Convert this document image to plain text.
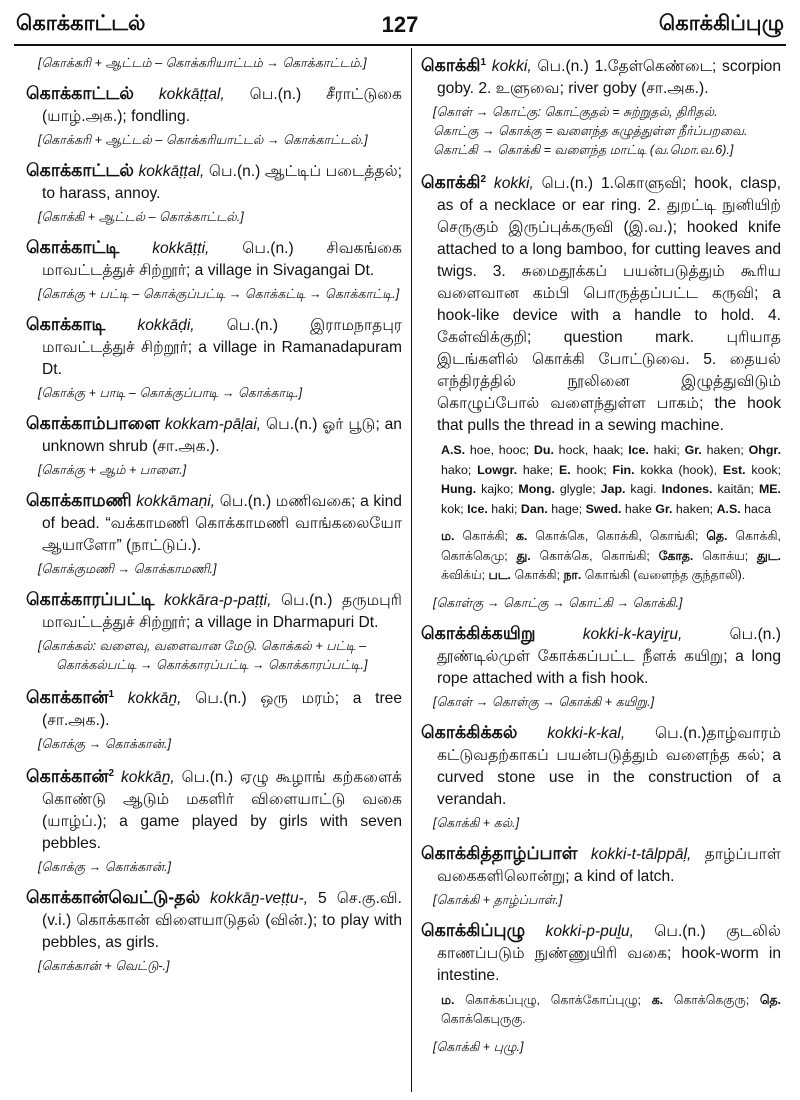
கொக்காட்டல்	127	கொக்கிப்புழு

[கொக்கரி + ஆட்டம் – கொக்கரியாட்டம் → கொக்காட்டம்.]

கொக்காட்டல் kokkāṭṭal, பெ.(n.) சீராட்டுகை (யாழ்.அக.); fondling.

[கொக்கரி + ஆட்டல் – கொக்கரியாட்டல் → கொக்காட்டல்.]

கொக்காட்டல் kokkāṭṭal, பெ.(n.) ஆட்டிப் படைத்தல்; to harass, annoy.

[கொக்கி + ஆட்டல் – கொக்காட்டல்.]

கொக்காட்டி kokkāṭṭi, பெ.(n.) சிவகங்கை மாவட்டத்துச் சிற்றூர்; a village in Sivagangai Dt.

[கொக்கு + பட்டி – கொக்குப்பட்டி → கொக்கட்டி → கொக்காட்டி.]

கொக்காடி kokkāḍi, பெ.(n.) இராமநாதபுர மாவட்டத்துச் சிற்றூர்; a village in Ramanadapuram Dt.

[கொக்கு + பாடி – கொக்குப்பாடி → கொக்காடி.]

கொக்காம்பாளை kokkam-pāḷai, பெ.(n.) ஓர் பூடு; an unknown shrub (சா.அக.).

[கொக்கு + ஆம் + பாளை.]

கொக்காமணி kokkāmaṇi, பெ.(n.) மணிவகை; a kind of bead. “வக்காமணி கொக்காமணி வாங்கலையோ ஆயாளோ” (நாட்டுப்.).

[கொக்குமணி → கொக்காமணி.]

கொக்காரப்பட்டி kokkāra-p-paṭṭi, பெ.(n.) தருமபுரி மாவட்டத்துச் சிற்றூர்; a village in Dharmapuri Dt.

[கொக்கல்: வளைவு, வளைவான மேடு. கொக்கல் + பட்டி – கொக்கல்பட்டி → கொக்காரப்பட்டி → கொக்காரப்பட்டி.]

கொக்கான்$^1$ kokkāṉ, பெ.(n.) ஒரு மரம்; a tree (சா.அக.).

[கொக்கு → கொக்கான்.]

கொக்கான்$^2$ kokkāṉ, பெ.(n.) ஏழு கூழாங் கற்களைக் கொண்டு ஆடும் மகளிர் விளையாட்டு வகை (யாழ்ப்.); a game played by girls with seven pebbles.

[கொக்கு → கொக்கான்.]

கொக்கான்வெட்டு-தல் kokkāṉ-veṭṭu-, 5 செ.கு.வி. (v.i.) கொக்கான் விளையாடுதல் (வின்.); to play with pebbles, as girls.

[கொக்கான் + வெட்டு-.]

கொக்கி$^1$ kokki, பெ.(n.) 1.தேள்கெண்டை; scorpion goby. 2. உளுவை; river goby (சா.அக.).

[கொள் → கொட்கு: கொட்குதல் = சுற்றுதல், திரிதல்.

கொட்கு → கொக்கு = வளைந்த கழுத்துள்ள நீர்ப்பறவை.

கொட்கி → கொக்கி = வளைந்த மாட்டி (வ.மொ.வ.6).]

கொக்கி$^2$ kokki, பெ.(n.) 1.கொளுவி; hook, clasp, as of a necklace or ear ring. 2. துறட்டி நுனியிற் செருகும் இருப்புக்கருவி (இ.வ.); hooked knife attached to a long bamboo, for cutting leaves and twigs. 3. சுமைதூக்கப் பயன்படுத்தும் கூரிய வளைவான கம்பி பொருத்தப்பட்ட கருவி; a hook-like device with a handle to hold. 4. கேள்விக்குறி; question mark. புரியாத இடங்களில் கொக்கி போட்டுவை. 5. தையல் எந்திரத்தில் நூலினை இழுத்துவிடும் கொழுப்போல் வளைந்துள்ள பாகம்; the hook that pulls the thread in a sewing machine.

A.S. hoe, hooc; Du. hock, haak; Ice. haki; Gr. haken; Ohgr. hako; Lowgr. hake; E. hook; Fin. kokka (hook), Est. kook; Hung. kajko; Mong. glygle; Jap. kagi. Indones. kaitān; ME. kok; Ice. haki; Dan. hage; Swed. hake Gr. haken; A.S. haca

ம. கொக்கி; க. கொக்கெ, கொக்கி, கொங்கி; தெ. கொக்கி, கொக்கெமு; து. கொக்கெ, கொங்கி; கோத. கொக்ய; துட. க்விக்ய்; பட. கொக்கி; நா. கொங்கி (வளைந்த குந்தாலி).

[கொள்கு → கொட்கு → கொட்கி → கொக்கி.]

கொக்கிக்கயிறு	kokki-k-kayiṟu, பெ.(n.) தூண்டில்முள் கோக்கப்பட்ட நீளக் கயிறு; a long rope attached with a fish hook.

[கொள் → கொள்கு → கொக்கி + கயிறு.]

கொக்கிக்கல் kokki-k-kal, பெ.(n.)தாழ்வாரம் கட்டுவதற்காகப் பயன்படுத்தும் வளைந்த கல்; a curved stone use in the construction of a verandah.

[கொக்கி + கல்.]

கொக்கித்தாழ்ப்பாள் kokki-t-tālppāḷ, தாழ்ப்பாள் வகைகளிலொன்று; a kind of latch.

[கொக்கி + தாழ்ப்பாள்.]

கொக்கிப்புழு kokki-p-puḻu, பெ.(n.) குடலில் காணப்படும் நுண்ணுயிரி வகை; hook-worm in intestine.

ம. கொக்கப்புழு, கொக்கோப்புழு; க. கொக்கெகுரு; தெ. கொக்கெபுருகு.

[கொக்கி + புழு.]
